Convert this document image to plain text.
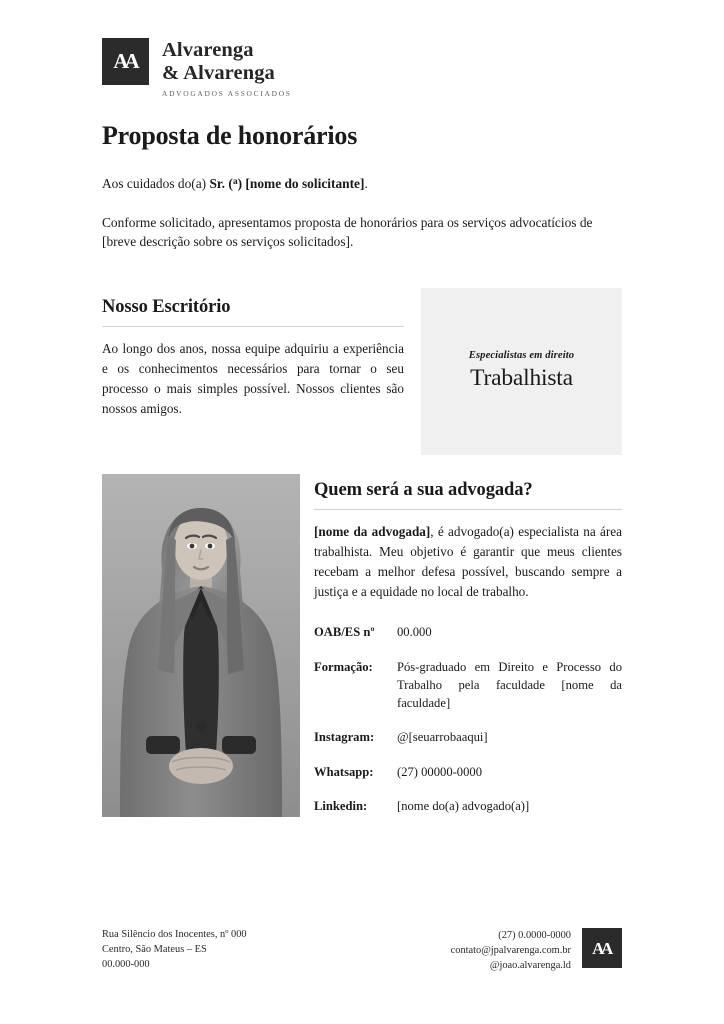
AA Alvarenga
& Alvarenga
ADVOGADOS ASSOCIADOS
Proposta de honorários

Aos cuidados do(a) Sr. ($^a$) [nome do solicitante].

Conforme solicitado, apresentamos proposta de honorários para os serviços advocatícios de [breve descrição sobre os serviços solicitados].

Nosso Escritório

Ao longo dos anos, nossa equipe adquiriu a experiência e os conhecimentos necessários para tornar o seu processo o mais simples possível. Nossos clientes são nossos amigos.

Especialistas em direito
Trabalhista
Quem será a sua advogada?

[nome da advogada], é advogado(a) especialista na área trabalhista. Meu objetivo é garantir que meus clientes recebam a melhor defesa possível, buscando sempre a justiça e a equidade no local de trabalho.

OAB/ES nº	00.000
Formação:	Pós-graduado em Direito e Processo do Trabalho pela faculdade [nome da faculdade]
Instagram:	@[seuarrobaaqui]
Whatsapp:	(27) 00000-0000
Linkedin:	[nome do(a) advogado(a)]
Rua Silêncio dos Inocentes, nº 000
Centro, São Mateus – ES
00.000-000
(27) 0.0000-0000
contato@jpalvarenga.com.br
@joao.alvarenga.ld
AA
